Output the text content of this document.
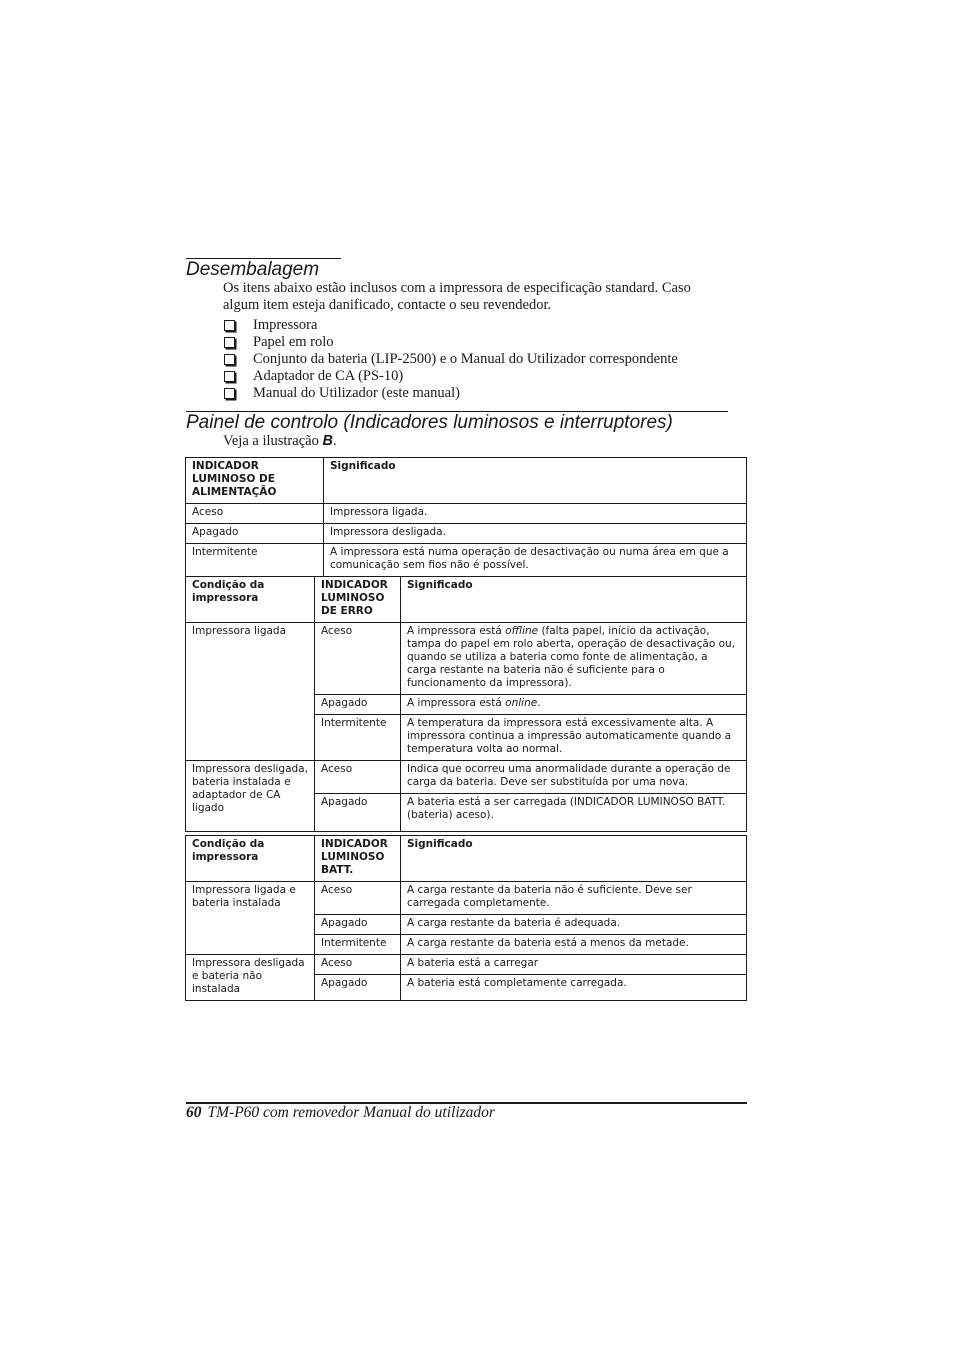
Desembalagem

Os itens abaixo estão inclusos com a impressora de especificação standard. Caso
algum item esteja danificado, contacte o seu revendedor.

Impressora
Papel em rolo
Conjunto da bateria (LIP-2500) e o Manual do Utilizador correspondente
Adaptador de CA (PS-10)
Manual do Utilizador (este manual)
Painel de controlo (Indicadores luminosos e interruptores)

Veja a ilustração B.

INDICADOR LUMINOSO DE ALIMENTAÇÃO	Significado
Aceso	Impressora ligada.
Apagado	Impressora desligada.
Intermitente	A impressora está numa operação de desactivação ou numa área em que a comunicação sem fios não é possível.
Condição da impressora	INDICADOR LUMINOSO DE ERRO	Significado
Impressora ligada	Aceso	A impressora está offline (falta papel, início da activação, tampa do papel em rolo aberta, operação de desactivação ou, quando se utiliza a bateria como fonte de alimentação, a carga restante na bateria não é suficiente para o funcionamento da impressora).
	Apagado	A impressora está online.
	Intermitente	A temperatura da impressora está excessivamente alta. A impressora continua a impressão automaticamente quando a temperatura volta ao normal.
Impressora desligada, bateria instalada e adaptador de CA ligado	Aceso	Indica que ocorreu uma anormalidade durante a operação de carga da bateria. Deve ser substituída por uma nova.
	Apagado	A bateria está a ser carregada (INDICADOR LUMINOSO BATT. (bateria) aceso).
Condição da impressora	INDICADOR LUMINOSO BATT.	Significado
Impressora ligada e bateria instalada	Aceso	A carga restante da bateria não é suficiente. Deve ser carregada completamente.
	Apagado	A carga restante da bateria é adequada.
	Intermitente	A carga restante da bateria está a menos da metade.
Impressora desligada e bateria não instalada	Aceso	A bateria está a carregar
	Apagado	A bateria está completamente carregada.
60 TM-P60 com removedor Manual do utilizador
